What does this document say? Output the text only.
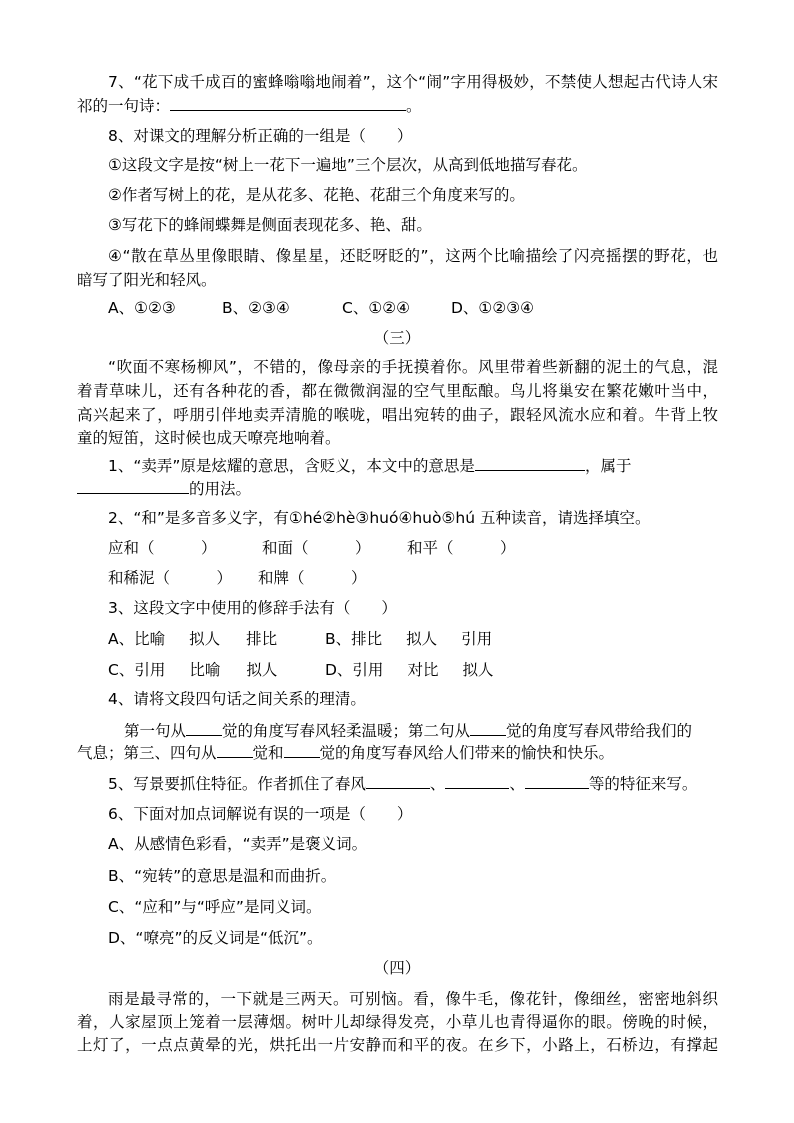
7、“花下成千成百的蜜蜂嗡嗡地闹着”，这个“闹”字用得极妙，不禁使人想起古代诗人宋
祁的一句诗：	。
8、对课文的理解分析正确的一组是（　　）
①这段文字是按“树上一花下一遍地”三个层次，从高到低地描写春花。
②作者写树上的花，是从花多、花艳、花甜三个角度来写的。
③写花下的蜂闹蝶舞是侧面表现花多、艳、甜。
④“散在草丛里像眼睛、像星星，还眨呀眨的”，这两个比喻描绘了闪亮摇摆的野花，也
暗写了阳光和轻风。
A、①②③	B、②③④	C、①②④	D、①②③④
（三）
“吹面不寒杨柳风”，不错的，像母亲的手抚摸着你。风里带着些新翻的泥土的气息，混
着青草味儿，还有各种花的香，都在微微润湿的空气里酝酿。鸟儿将巢安在繁花嫩叶当中，
高兴起来了，呼朋引伴地卖弄清脆的喉咙，唱出宛转的曲子，跟轻风流水应和着。牛背上牧
童的短笛，这时候也成天嘹亮地响着。
1、“卖弄”原是炫耀的意思，含贬义，本文中的意思是	，属于
的用法。
2、“和”是多音多义字，有①hé②hè③huó④huò⑤hú 五种读音，请选择填空。
应和（　　　）	和面（　　　） 和平（　　　）
和稀泥（　　　） 和牌（　　　）
3、这段文字中使用的修辞手法有（　　）
A、比喻 拟人 排比	B、排比 拟人 引用
C、引用 比喻 拟人	D、引用 对比 拟人
4、请将文段四句话之间关系的理清。
第一句从 觉的角度写春风轻柔温暖；第二句从 觉的角度写春风带给我们的
气息；第三、四句从 觉和 觉的角度写春风给人们带来的愉快和快乐。
5、写景要抓住特征。作者抓住了春风	、	、	等的特征来写。
6、下面对加点词解说有误的一项是（　　）
A、从感情色彩看，“卖弄”是褒义词。
B、“宛转”的意思是温和而曲折。
C、“应和”与“呼应”是同义词。
D、“嘹亮”的反义词是“低沉”。
（四）
雨是最寻常的，一下就是三两天。可别恼。看，像牛毛，像花针，像细丝，密密地斜织
着，人家屋顶上笼着一层薄烟。树叶儿却绿得发亮，小草儿也青得逼你的眼。傍晚的时候，
上灯了，一点点黄晕的光，烘托出一片安静而和平的夜。在乡下，小路上，石桥边，有撑起
